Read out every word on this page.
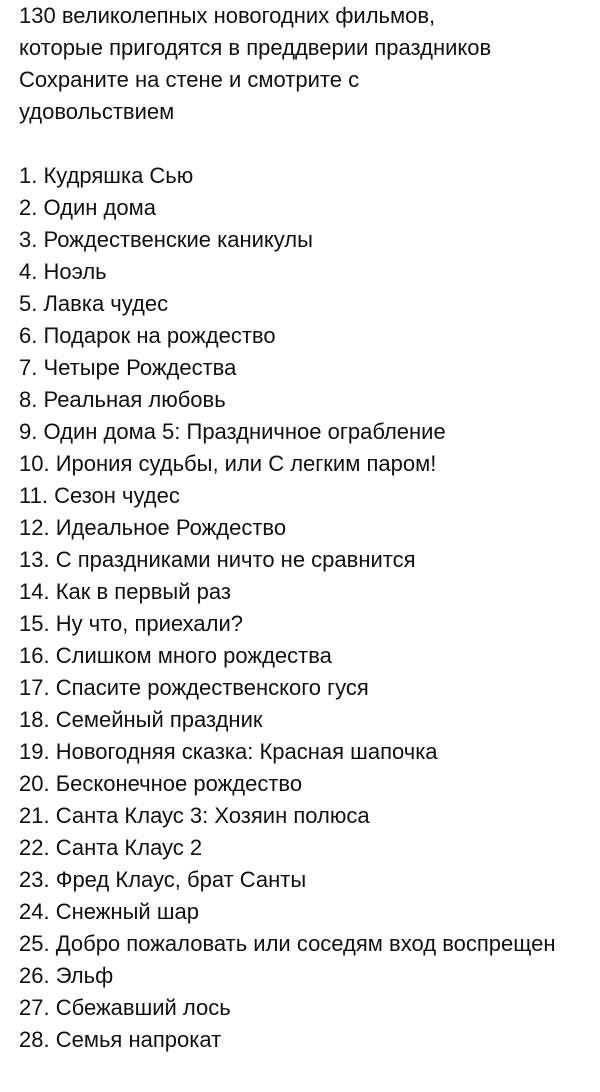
130 великолепных новогодних фильмов,
которые пригодятся в преддверии праздников
Сохраните на стене и смотрите с
удовольствием

1. Кудряшка Сью
2. Один дома
3. Рождественские каникулы
4. Ноэль
5. Лавка чудес
6. Подарок на рождество
7. Четыре Рождества
8. Реальная любовь
9. Один дома 5: Праздничное ограбление
10. Ирония судьбы, или С легким паром!
11. Сезон чудес
12. Идеальное Рождество
13. С праздниками ничто не сравнится
14. Как в первый раз
15. Ну что, приехали?
16. Слишком много рождества
17. Спасите рождественского гуся
18. Семейный праздник
19. Новогодняя сказка: Красная шапочка
20. Бесконечное рождество
21. Санта Клаус 3: Хозяин полюса
22. Санта Клаус 2
23. Фред Клаус, брат Санты
24. Снежный шар
25. Добро пожаловать или соседям вход воспрещен
26. Эльф
27. Сбежавший лось
28. Семья напрокат
